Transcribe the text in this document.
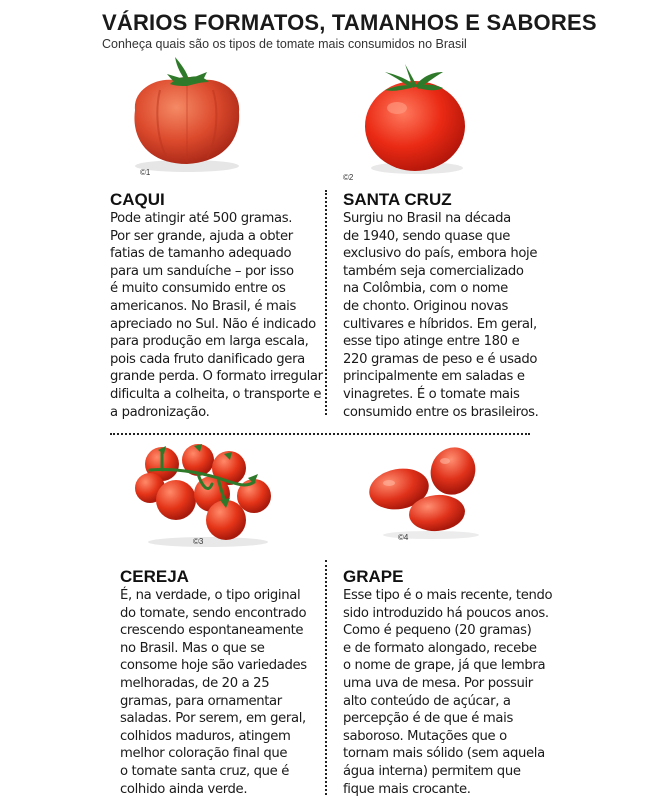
VÁRIOS FORMATOS, TAMANHOS E SABORES
Conheça quais são os tipos de tomate mais consumidos no Brasil
©1
©2
©3	©4
CAQUI	SANTA CRUZ
CEREJA	GRAPE
Pode atingir até 500 gramas.
Por ser grande, ajuda a obter
fatias de tamanho adequado
para um sanduíche – por isso
é muito consumido entre os
americanos. No Brasil, é mais
apreciado no Sul. Não é indicado
para produção em larga escala,
pois cada fruto danificado gera
grande perda. O formato irregular
dificulta a colheita, o transporte e
a padronização.
Surgiu no Brasil na década
de 1940, sendo quase que
exclusivo do país, embora hoje
também seja comercializado
na Colômbia, com o nome
de chonto. Originou novas
cultivares e híbridos. Em geral,
esse tipo atinge entre 180 e
220 gramas de peso e é usado
principalmente em saladas e
vinagretes. É o tomate mais
consumido entre os brasileiros.
É, na verdade, o tipo original
do tomate, sendo encontrado
crescendo espontaneamente
no Brasil. Mas o que se
consome hoje são variedades
melhoradas, de 20 a 25
gramas, para ornamentar
saladas. Por serem, em geral,
colhidos maduros, atingem
melhor coloração final que
o tomate santa cruz, que é
colhido ainda verde.
Esse tipo é o mais recente, tendo
sido introduzido há poucos anos.
Como é pequeno (20 gramas)
e de formato alongado, recebe
o nome de grape, já que lembra
uma uva de mesa. Por possuir
alto conteúdo de açúcar, a
percepção é de que é mais
saboroso. Mutações que o
tornam mais sólido (sem aquela
água interna) permitem que
fique mais crocante.
